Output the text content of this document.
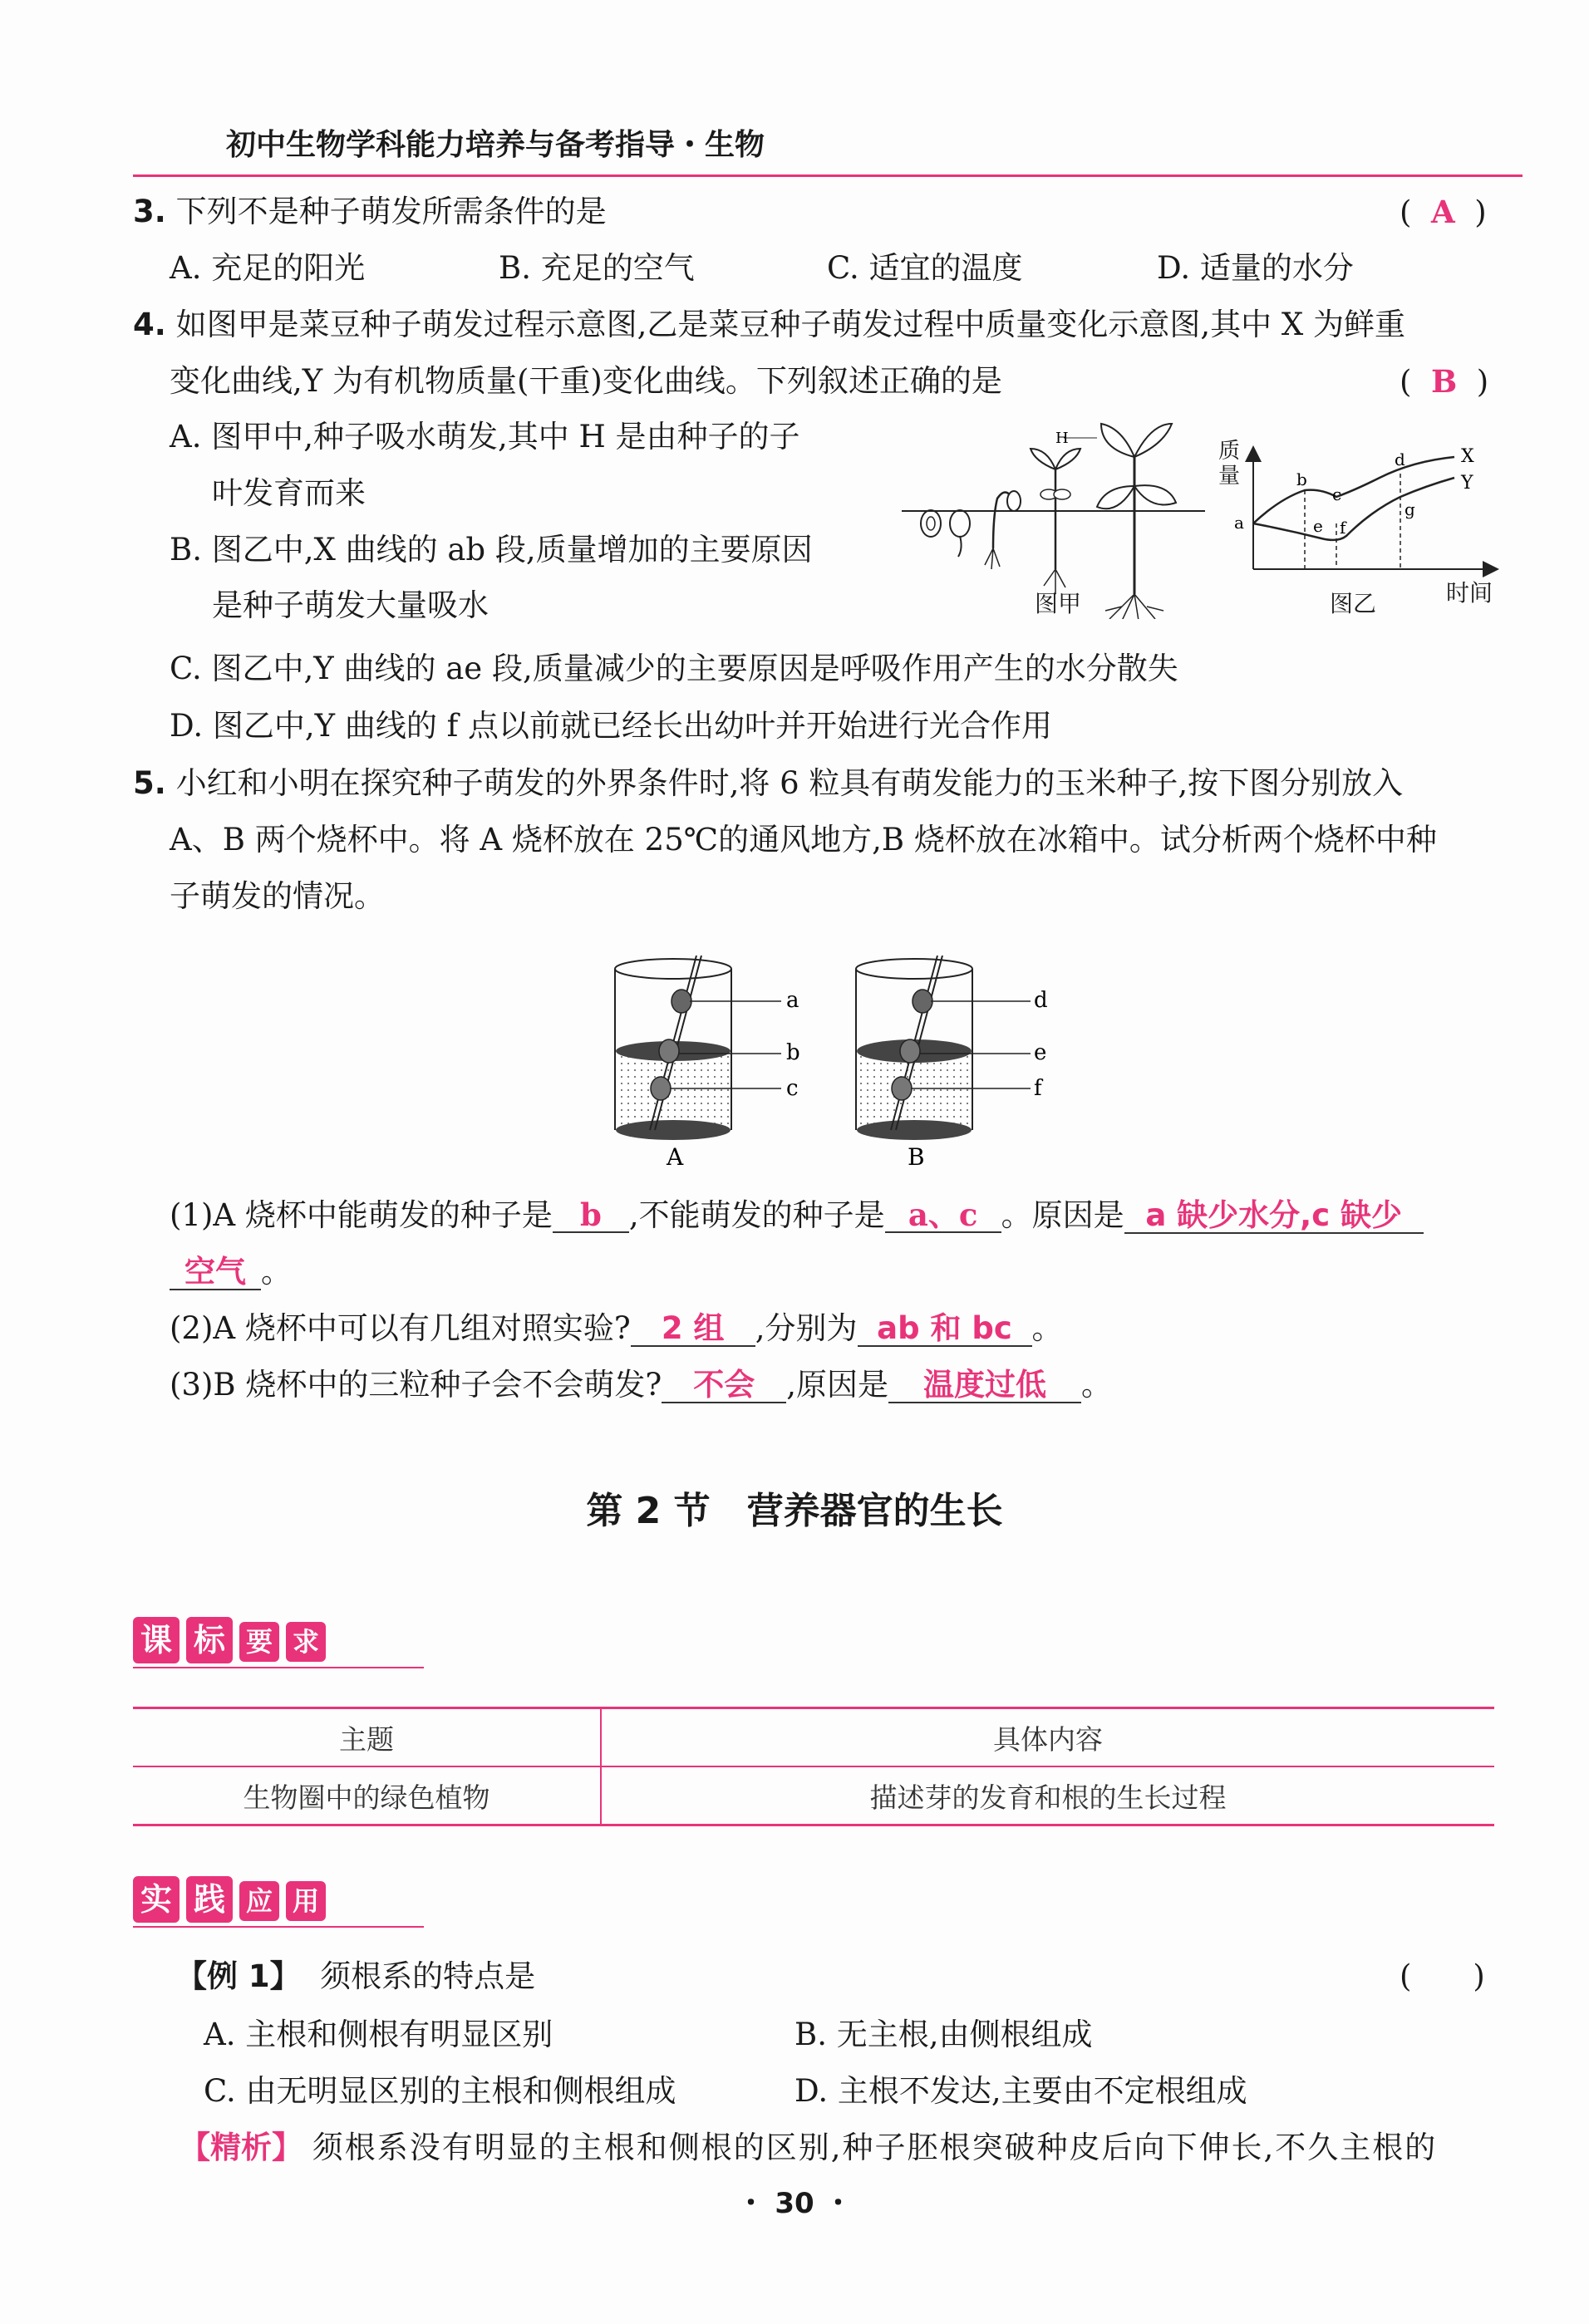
初中生物学科能力培养与备考指导・生物
3. 下列不是种子萌发所需条件的是	( A )
A. 充足的阳光	B. 充足的空气	C. 适宜的温度	D. 适量的水分
4. 如图甲是菜豆种子萌发过程示意图,乙是菜豆种子萌发过程中质量变化示意图,其中 X 为鲜重
变化曲线,Y 为有机物质量(干重)变化曲线。下列叙述正确的是	( B )
A. 图甲中,种子吸水萌发,其中 H 是由种子的子
叶发育而来
B. 图乙中,X 曲线的 ab 段,质量增加的主要原因
是种子萌发大量吸水
C. 图乙中,Y 曲线的 ae 段,质量减少的主要原因是呼吸作用产生的水分散失
D. 图乙中,Y 曲线的 f 点以前就已经长出幼叶并开始进行光合作用
H
图甲
a
b
c
d
e f
g
X
Y
质
量
图乙	时间
5. 小红和小明在探究种子萌发的外界条件时,将 6 粒具有萌发能力的玉米种子,按下图分别放入
A、B 两个烧杯中。将 A 烧杯放在 25℃的通风地方,B 烧杯放在冰箱中。试分析两个烧杯中种
子萌发的情况。
a
b
c
A
d
e
f
B
(1)A 烧杯中能萌发的种子是 b ,不能萌发的种子是 a、c 。原因是 a 缺少水分,c 缺少
空气 。
(2)A 烧杯中可以有几组对照实验? 2 组 ,分别为 ab 和 bc 。
(3)B 烧杯中的三粒种子会不会萌发? 不会 ,原因是 温度过低 。
第 2 节　营养器官的生长
课 标 要 求
主题	具体内容
生物圈中的绿色植物	描述芽的发育和根的生长过程
实 践 应 用
【例 1】 须根系的特点是	(　　)
A. 主根和侧根有明显区别	B. 无主根,由侧根组成
C. 由无明显区别的主根和侧根组成	D. 主根不发达,主要由不定根组成
【精析】 须根系没有明显的主根和侧根的区别,种子胚根突破种皮后向下伸长,不久主根的
・ 30 ・
